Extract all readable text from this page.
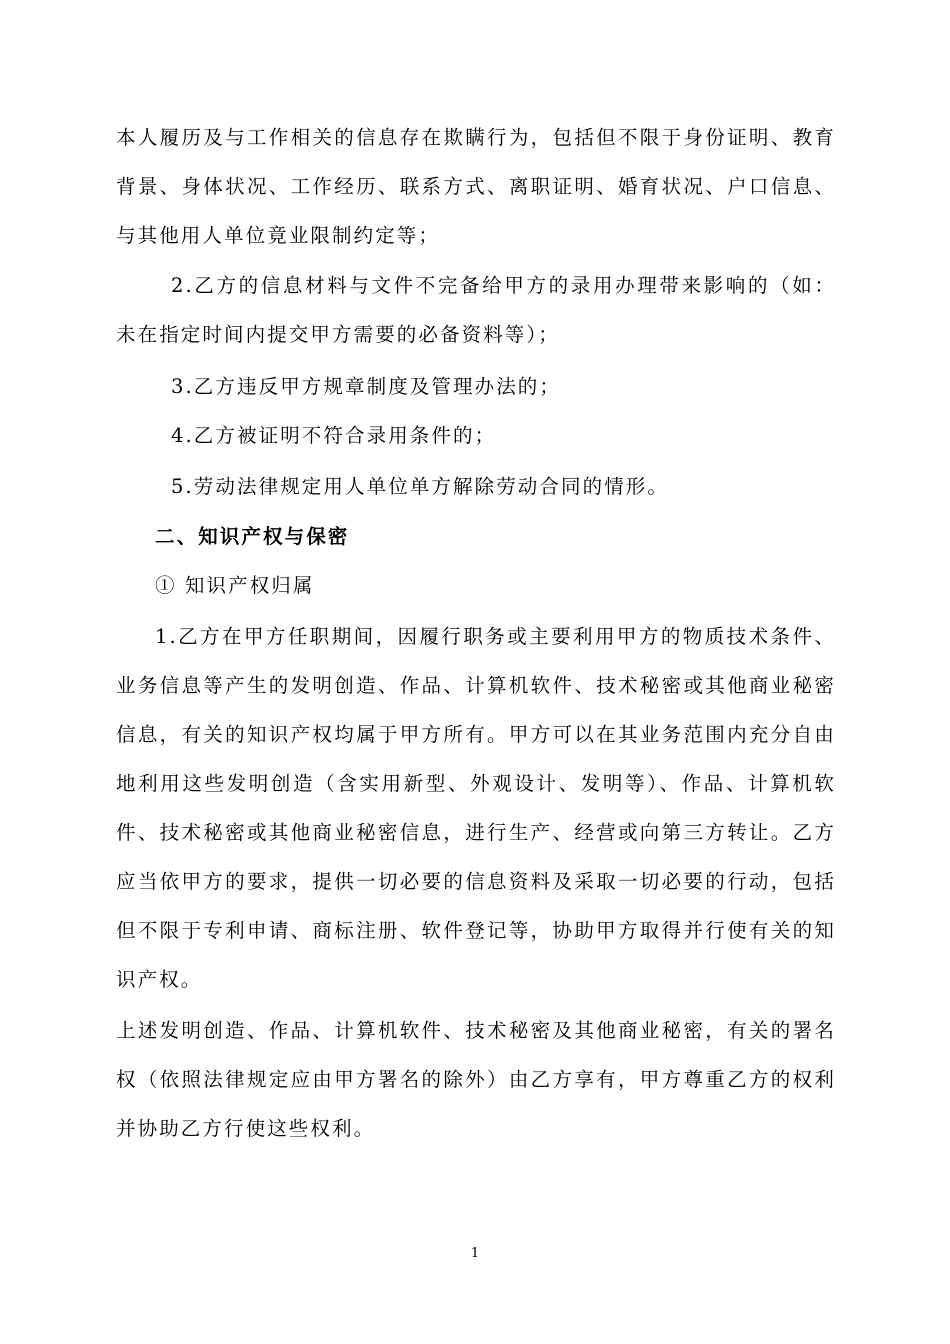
本人履历及与工作相关的信息存在欺瞒行为，包括但不限于身份证明、教育背景、身体状况、工作经历、联系方式、离职证明、婚育状况、户口信息、与其他用人单位竟业限制约定等；

2.乙方的信息材料与文件不完备给甲方的录用办理带来影响的（如：未在指定时间内提交甲方需要的必备资料等）；

3.乙方违反甲方规章制度及管理办法的；

4.乙方被证明不符合录用条件的；

5.劳动法律规定用人单位单方解除劳动合同的情形。

二、知识产权与保密

① 知识产权归属

1.乙方在甲方任职期间，因履行职务或主要利用甲方的物质技术条件、业务信息等产生的发明创造、作品、计算机软件、技术秘密或其他商业秘密信息，有关的知识产权均属于甲方所有。甲方可以在其业务范围内充分自由地利用这些发明创造（含实用新型、外观设计、发明等）、作品、计算机软件、技术秘密或其他商业秘密信息，进行生产、经营或向第三方转让。乙方应当依甲方的要求，提供一切必要的信息资料及采取一切必要的行动，包括但不限于专利申请、商标注册、软件登记等，协助甲方取得并行使有关的知识产权。

上述发明创造、作品、计算机软件、技术秘密及其他商业秘密，有关的署名权（依照法律规定应由甲方署名的除外）由乙方享有，甲方尊重乙方的权利并协助乙方行使这些权利。

1
